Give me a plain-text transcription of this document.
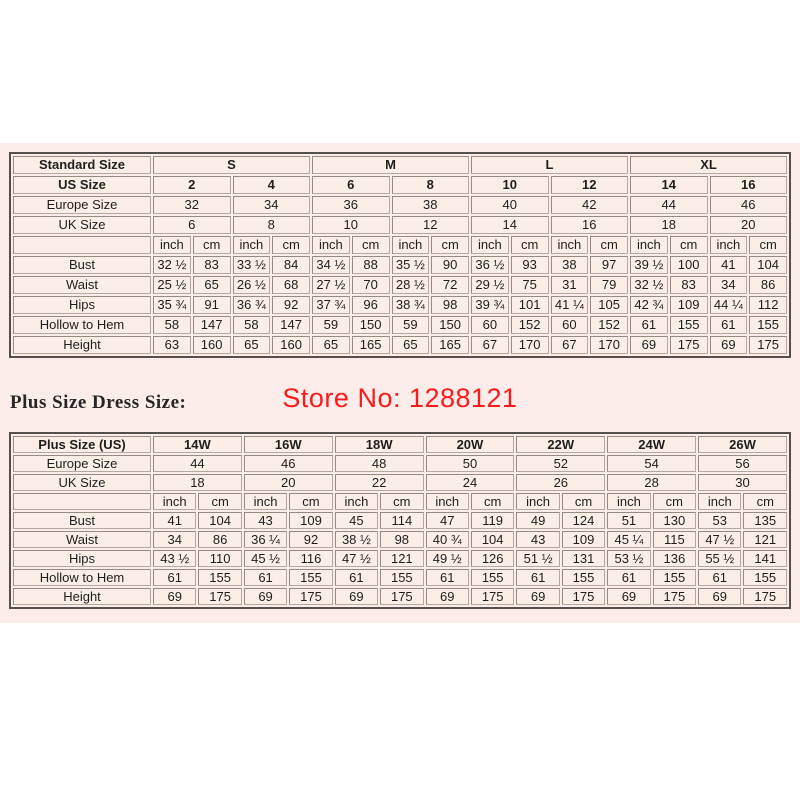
Standard Size	S				M				L				XL			
US Size	2		4		6		8		10		12		14		16	
Europe Size	32		34		36		38		40		42		44		46	
UK Size	6		8		10		12		14		16		18		20	
	inch	cm	inch	cm	inch	cm	inch	cm	inch	cm	inch	cm	inch	cm	inch	cm
Bust	32 ½	83	33 ½	84	34 ½	88	35 ½	90	36 ½	93	38	97	39 ½	100	41	104
Waist	25 ½	65	26 ½	68	27 ½	70	28 ½	72	29 ½	75	31	79	32 ½	83	34	86
Hips	35 ¾	91	36 ¾	92	37 ¾	96	38 ¾	98	39 ¾	101	41 ¼	105	42 ¾	109	44 ¼	112
Hollow to Hem	58	147	58	147	59	150	59	150	60	152	60	152	61	155	61	155
Height	63	160	65	160	65	165	65	165	67	170	67	170	69	175	69	175
Store No: 1288121
Plus Size Dress Size:
Plus Size (US)	14W		16W		18W		20W		22W		24W		26W	
Europe Size	44		46		48		50		52		54		56	
UK Size	18		20		22		24		26		28		30	
	inch	cm	inch	cm	inch	cm	inch	cm	inch	cm	inch	cm	inch	cm
Bust	41	104	43	109	45	114	47	119	49	124	51	130	53	135
Waist	34	86	36 ¼	92	38 ½	98	40 ¾	104	43	109	45 ¼	115	47 ½	121
Hips	43 ½	110	45 ½	116	47 ½	121	49 ½	126	51 ½	131	53 ½	136	55 ½	141
Hollow to Hem	61	155	61	155	61	155	61	155	61	155	61	155	61	155
Height	69	175	69	175	69	175	69	175	69	175	69	175	69	175
